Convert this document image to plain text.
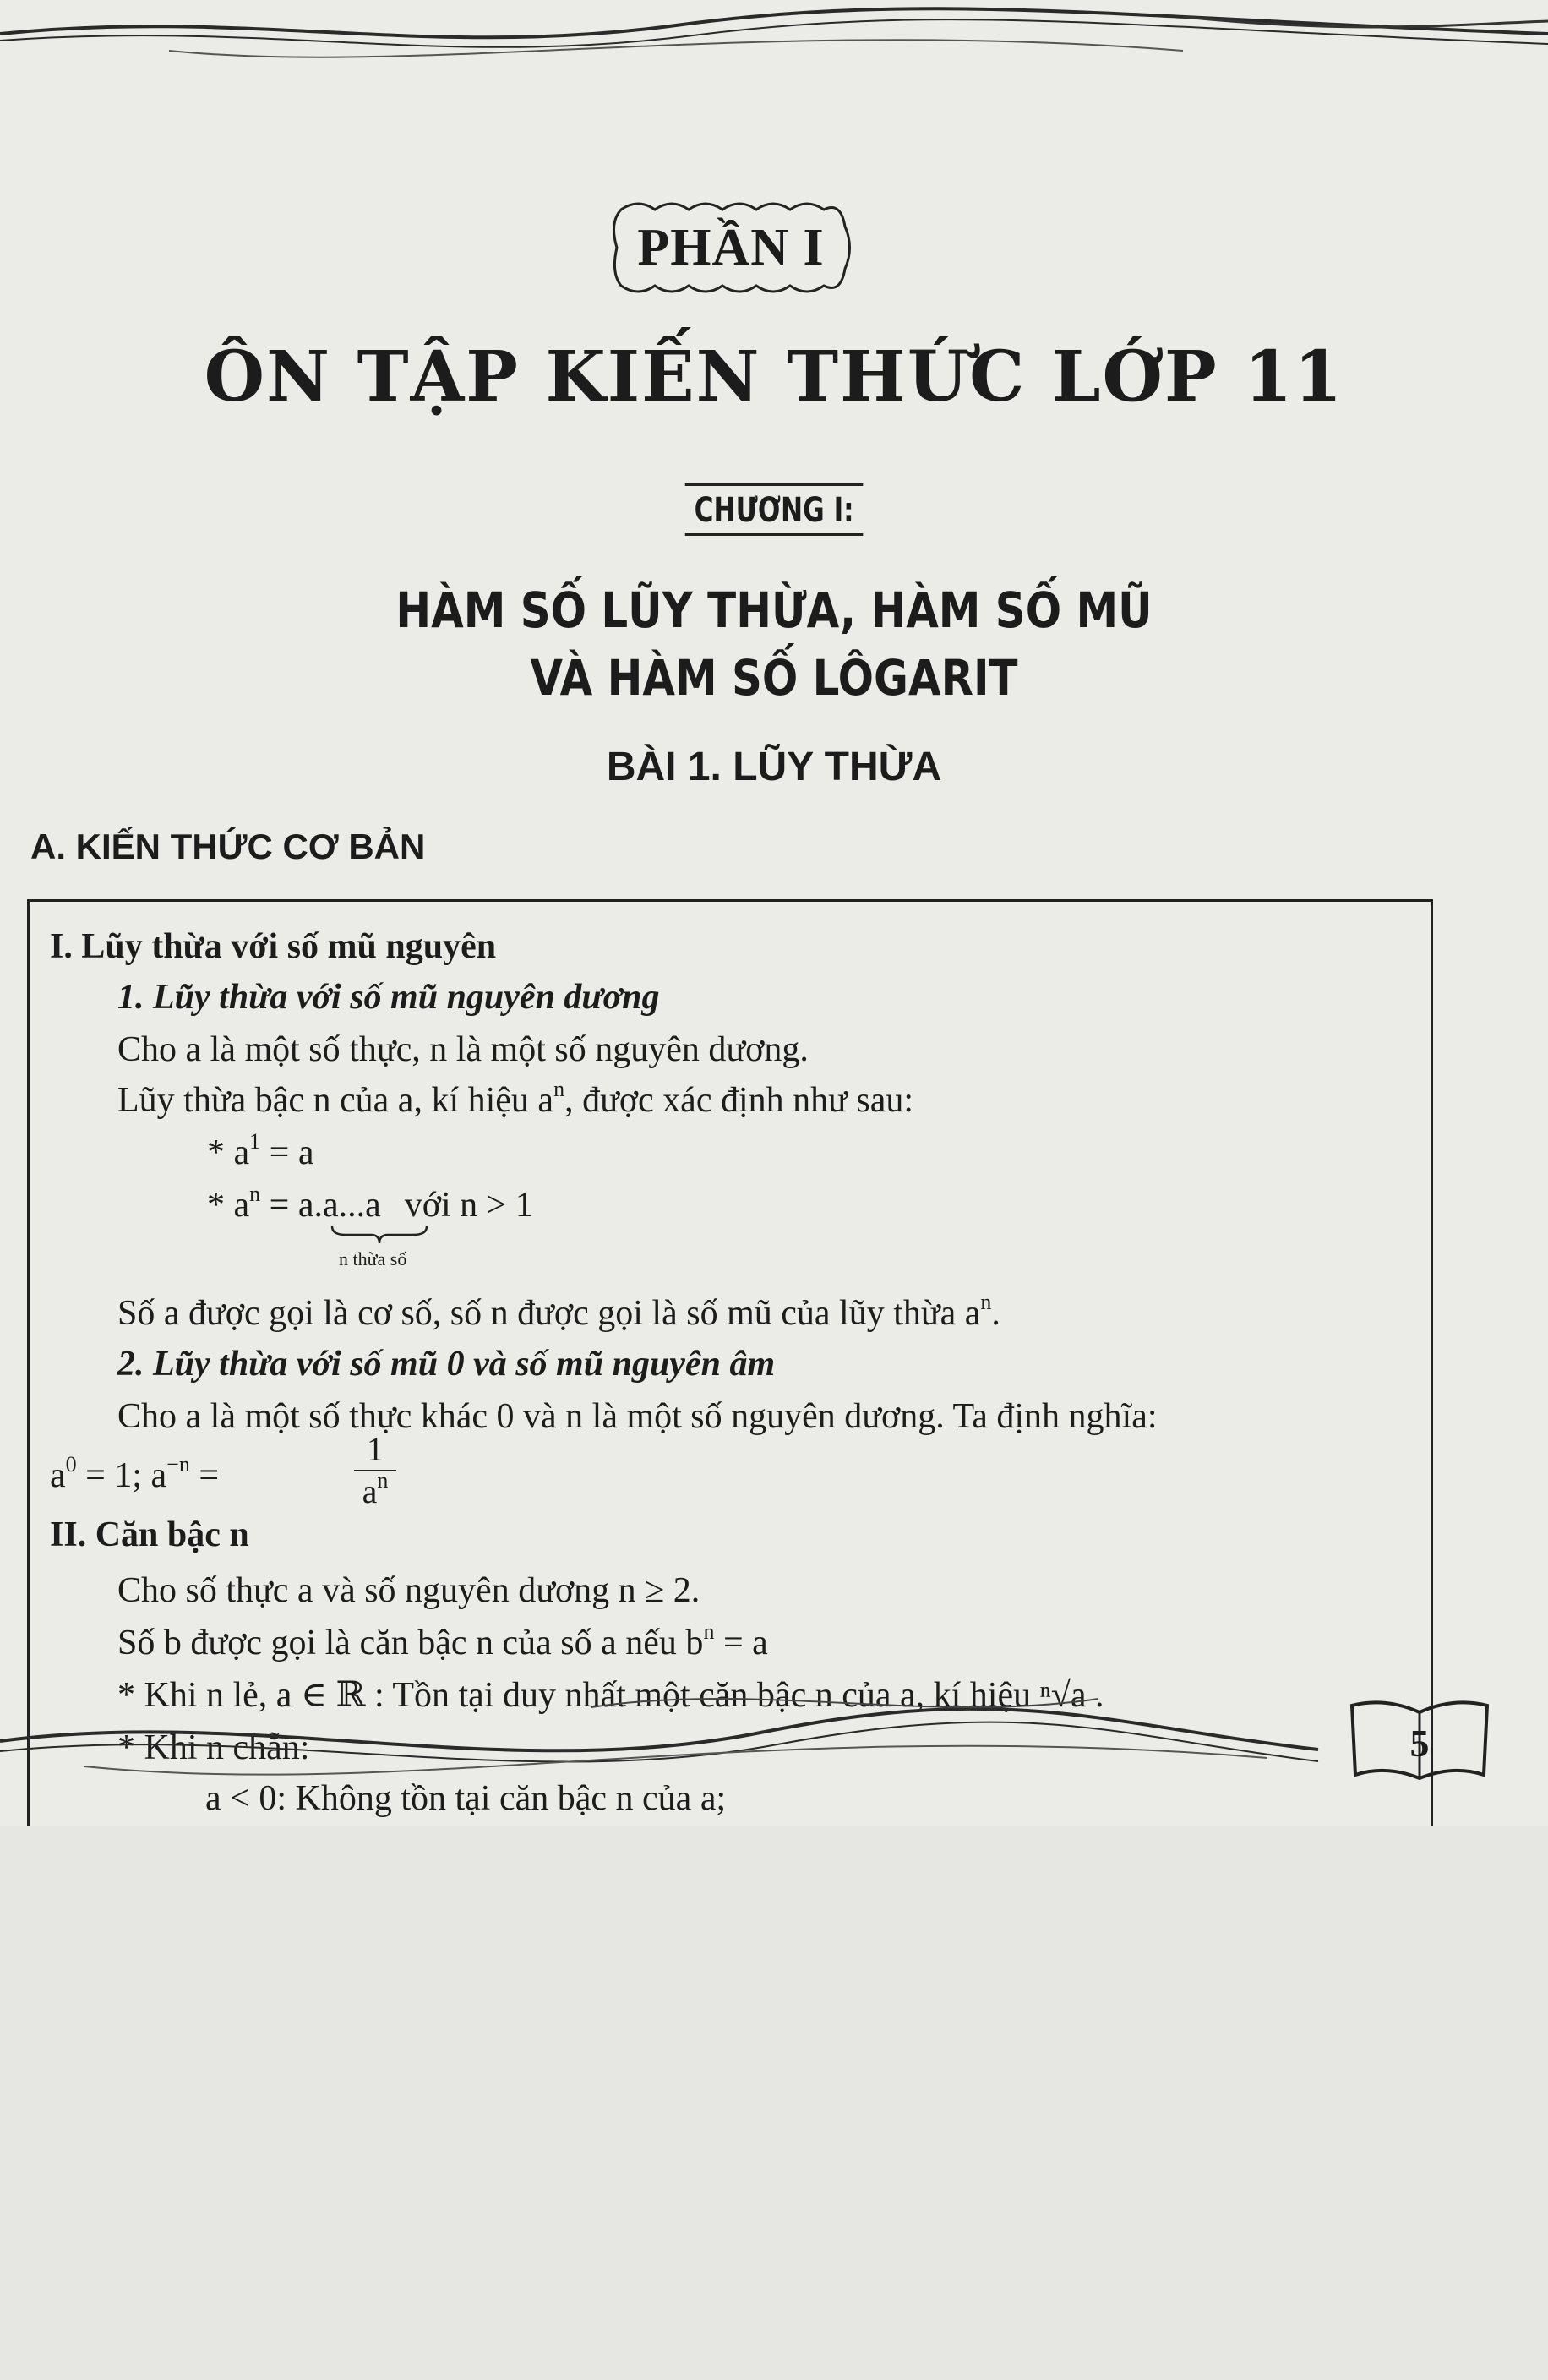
PHẦN I
ÔN TẬP KIẾN THỨC LỚP 11
CHƯƠNG I:
HÀM SỐ LŨY THỪA, HÀM SỐ MŨ
VÀ HÀM SỐ LÔGARIT
BÀI 1. LŨY THỪA
A. KIẾN THỨC CƠ BẢN
I. Lũy thừa với số mũ nguyên
1. Lũy thừa với số mũ nguyên dương
Cho a là một số thực, n là một số nguyên dương.
Lũy thừa bậc n của a, kí hiệu $a^n$, được xác định như sau:
* $a^1 = a$
* $a^n = a.a...a$ với n > 1
n thừa số
Số a được gọi là cơ số, số n được gọi là số mũ của lũy thừa $a^n$.
2. Lũy thừa với số mũ 0 và số mũ nguyên âm
Cho a là một số thực khác 0 và n là một số nguyên dương. Ta định nghĩa:
$a^0 = 1$; $a^{-n}$ =
1
$a^n$
II. Căn bậc n
Cho số thực a và số nguyên dương n ≥ 2.
Số b được gọi là căn bậc n của số a nếu $b^n = a$
* Khi n lẻ, a ∈ ℝ : Tồn tại duy nhất một căn bậc n của a, kí hiệu ⁿ√a .
* Khi n chẵn:
a < 0: Không tồn tại căn bậc n của a;
5
